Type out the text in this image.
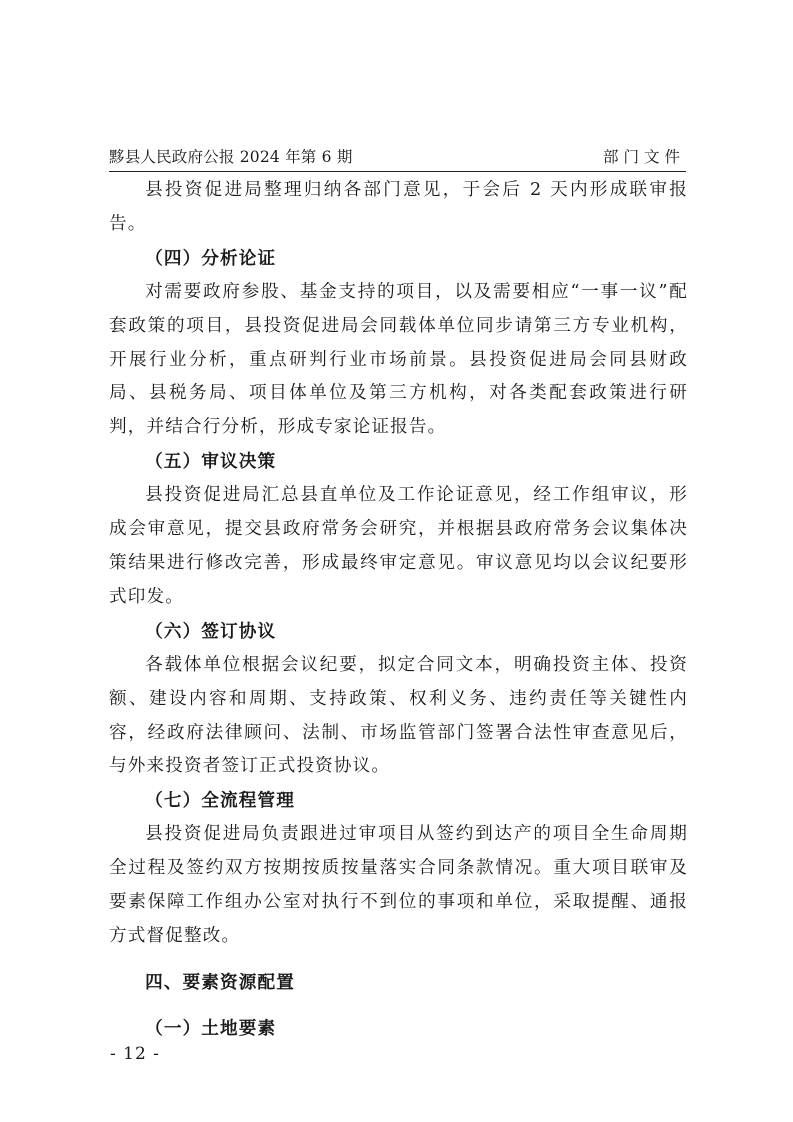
黟县人民政府公报 2024 年第 6 期	部门文件

县投资促进局整理归纳各部门意见，于会后 2 天内形成联审报告。

（四）分析论证

对需要政府参股、基金支持的项目，以及需要相应“一事一议”配套政策的项目，县投资促进局会同载体单位同步请第三方专业机构，开展行业分析，重点研判行业市场前景。县投资促进局会同县财政局、县税务局、项目体单位及第三方机构，对各类配套政策进行研判，并结合行分析，形成专家论证报告。

（五）审议决策

县投资促进局汇总县直单位及工作论证意见，经工作组审议，形成会审意见，提交县政府常务会研究，并根据县政府常务会议集体决策结果进行修改完善，形成最终审定意见。审议意见均以会议纪要形式印发。

（六）签订协议

各载体单位根据会议纪要，拟定合同文本，明确投资主体、投资额、建设内容和周期、支持政策、权利义务、违约责任等关键性内容，经政府法律顾问、法制、市场监管部门签署合法性审查意见后，与外来投资者签订正式投资协议。

（七）全流程管理

县投资促进局负责跟进过审项目从签约到达产的项目全生命周期全过程及签约双方按期按质按量落实合同条款情况。重大项目联审及要素保障工作组办公室对执行不到位的事项和单位，采取提醒、通报方式督促整改。

四、要素资源配置

（一）土地要素

- 12 -
